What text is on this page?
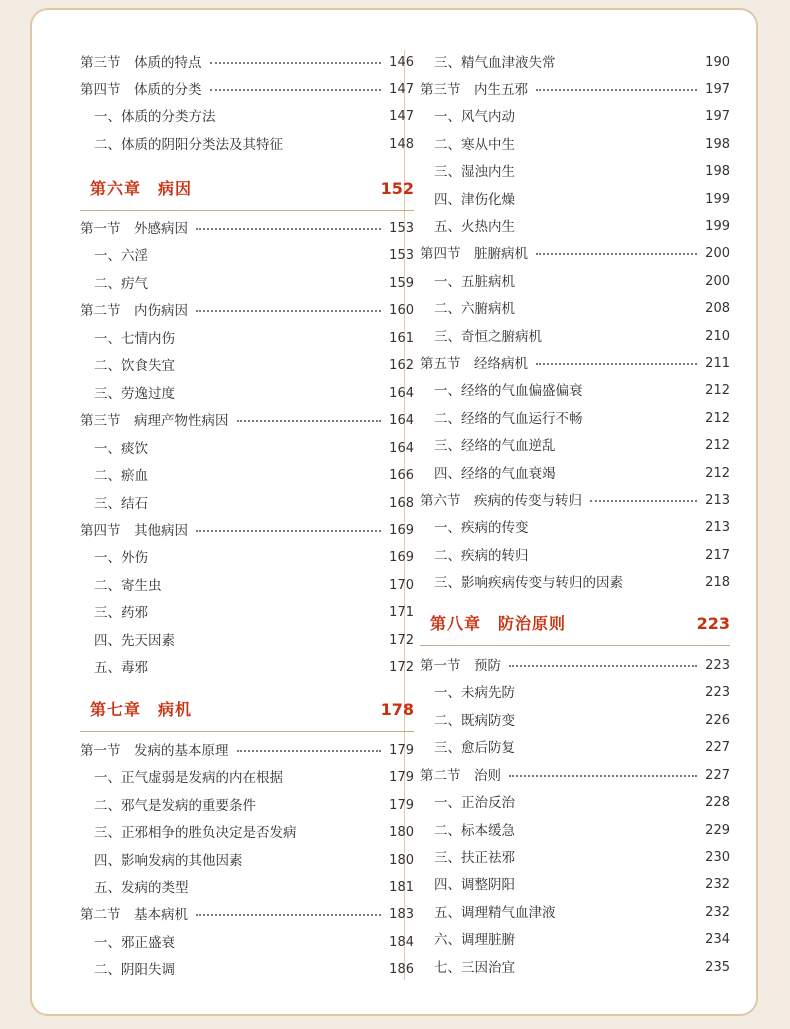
第三节　体质的特点	146
第四节　体质的分类	147
一、体质的分类方法	147
二、体质的阴阳分类法及其特征	148
第六章　病因	152
第一节　外感病因	153
一、六淫	153
二、疠气	159
第二节　内伤病因	160
一、七情内伤	161
二、饮食失宜	162
三、劳逸过度	164
第三节　病理产物性病因	164
一、痰饮	164
二、瘀血	166
三、结石	168
第四节　其他病因	169
一、外伤	169
二、寄生虫	170
三、药邪	171
四、先天因素	172
五、毒邪	172
第七章　病机	178
第一节　发病的基本原理	179
一、正气虚弱是发病的内在根据	179
二、邪气是发病的重要条件	179
三、正邪相争的胜负决定是否发病	180
四、影响发病的其他因素	180
五、发病的类型	181
第二节　基本病机	183
一、邪正盛衰	184
二、阴阳失调	186
三、精气血津液失常	190
第三节　内生五邪	197
一、风气内动	197
二、寒从中生	198
三、湿浊内生	198
四、津伤化燥	199
五、火热内生	199
第四节　脏腑病机	200
一、五脏病机	200
二、六腑病机	208
三、奇恒之腑病机	210
第五节　经络病机	211
一、经络的气血偏盛偏衰	212
二、经络的气血运行不畅	212
三、经络的气血逆乱	212
四、经络的气血衰竭	212
第六节　疾病的传变与转归	213
一、疾病的传变	213
二、疾病的转归	217
三、影响疾病传变与转归的因素	218
第八章　防治原则	223
第一节　预防	223
一、未病先防	223
二、既病防变	226
三、愈后防复	227
第二节　治则	227
一、正治反治	228
二、标本缓急	229
三、扶正祛邪	230
四、调整阴阳	232
五、调理精气血津液	232
六、调理脏腑	234
七、三因治宜	235
